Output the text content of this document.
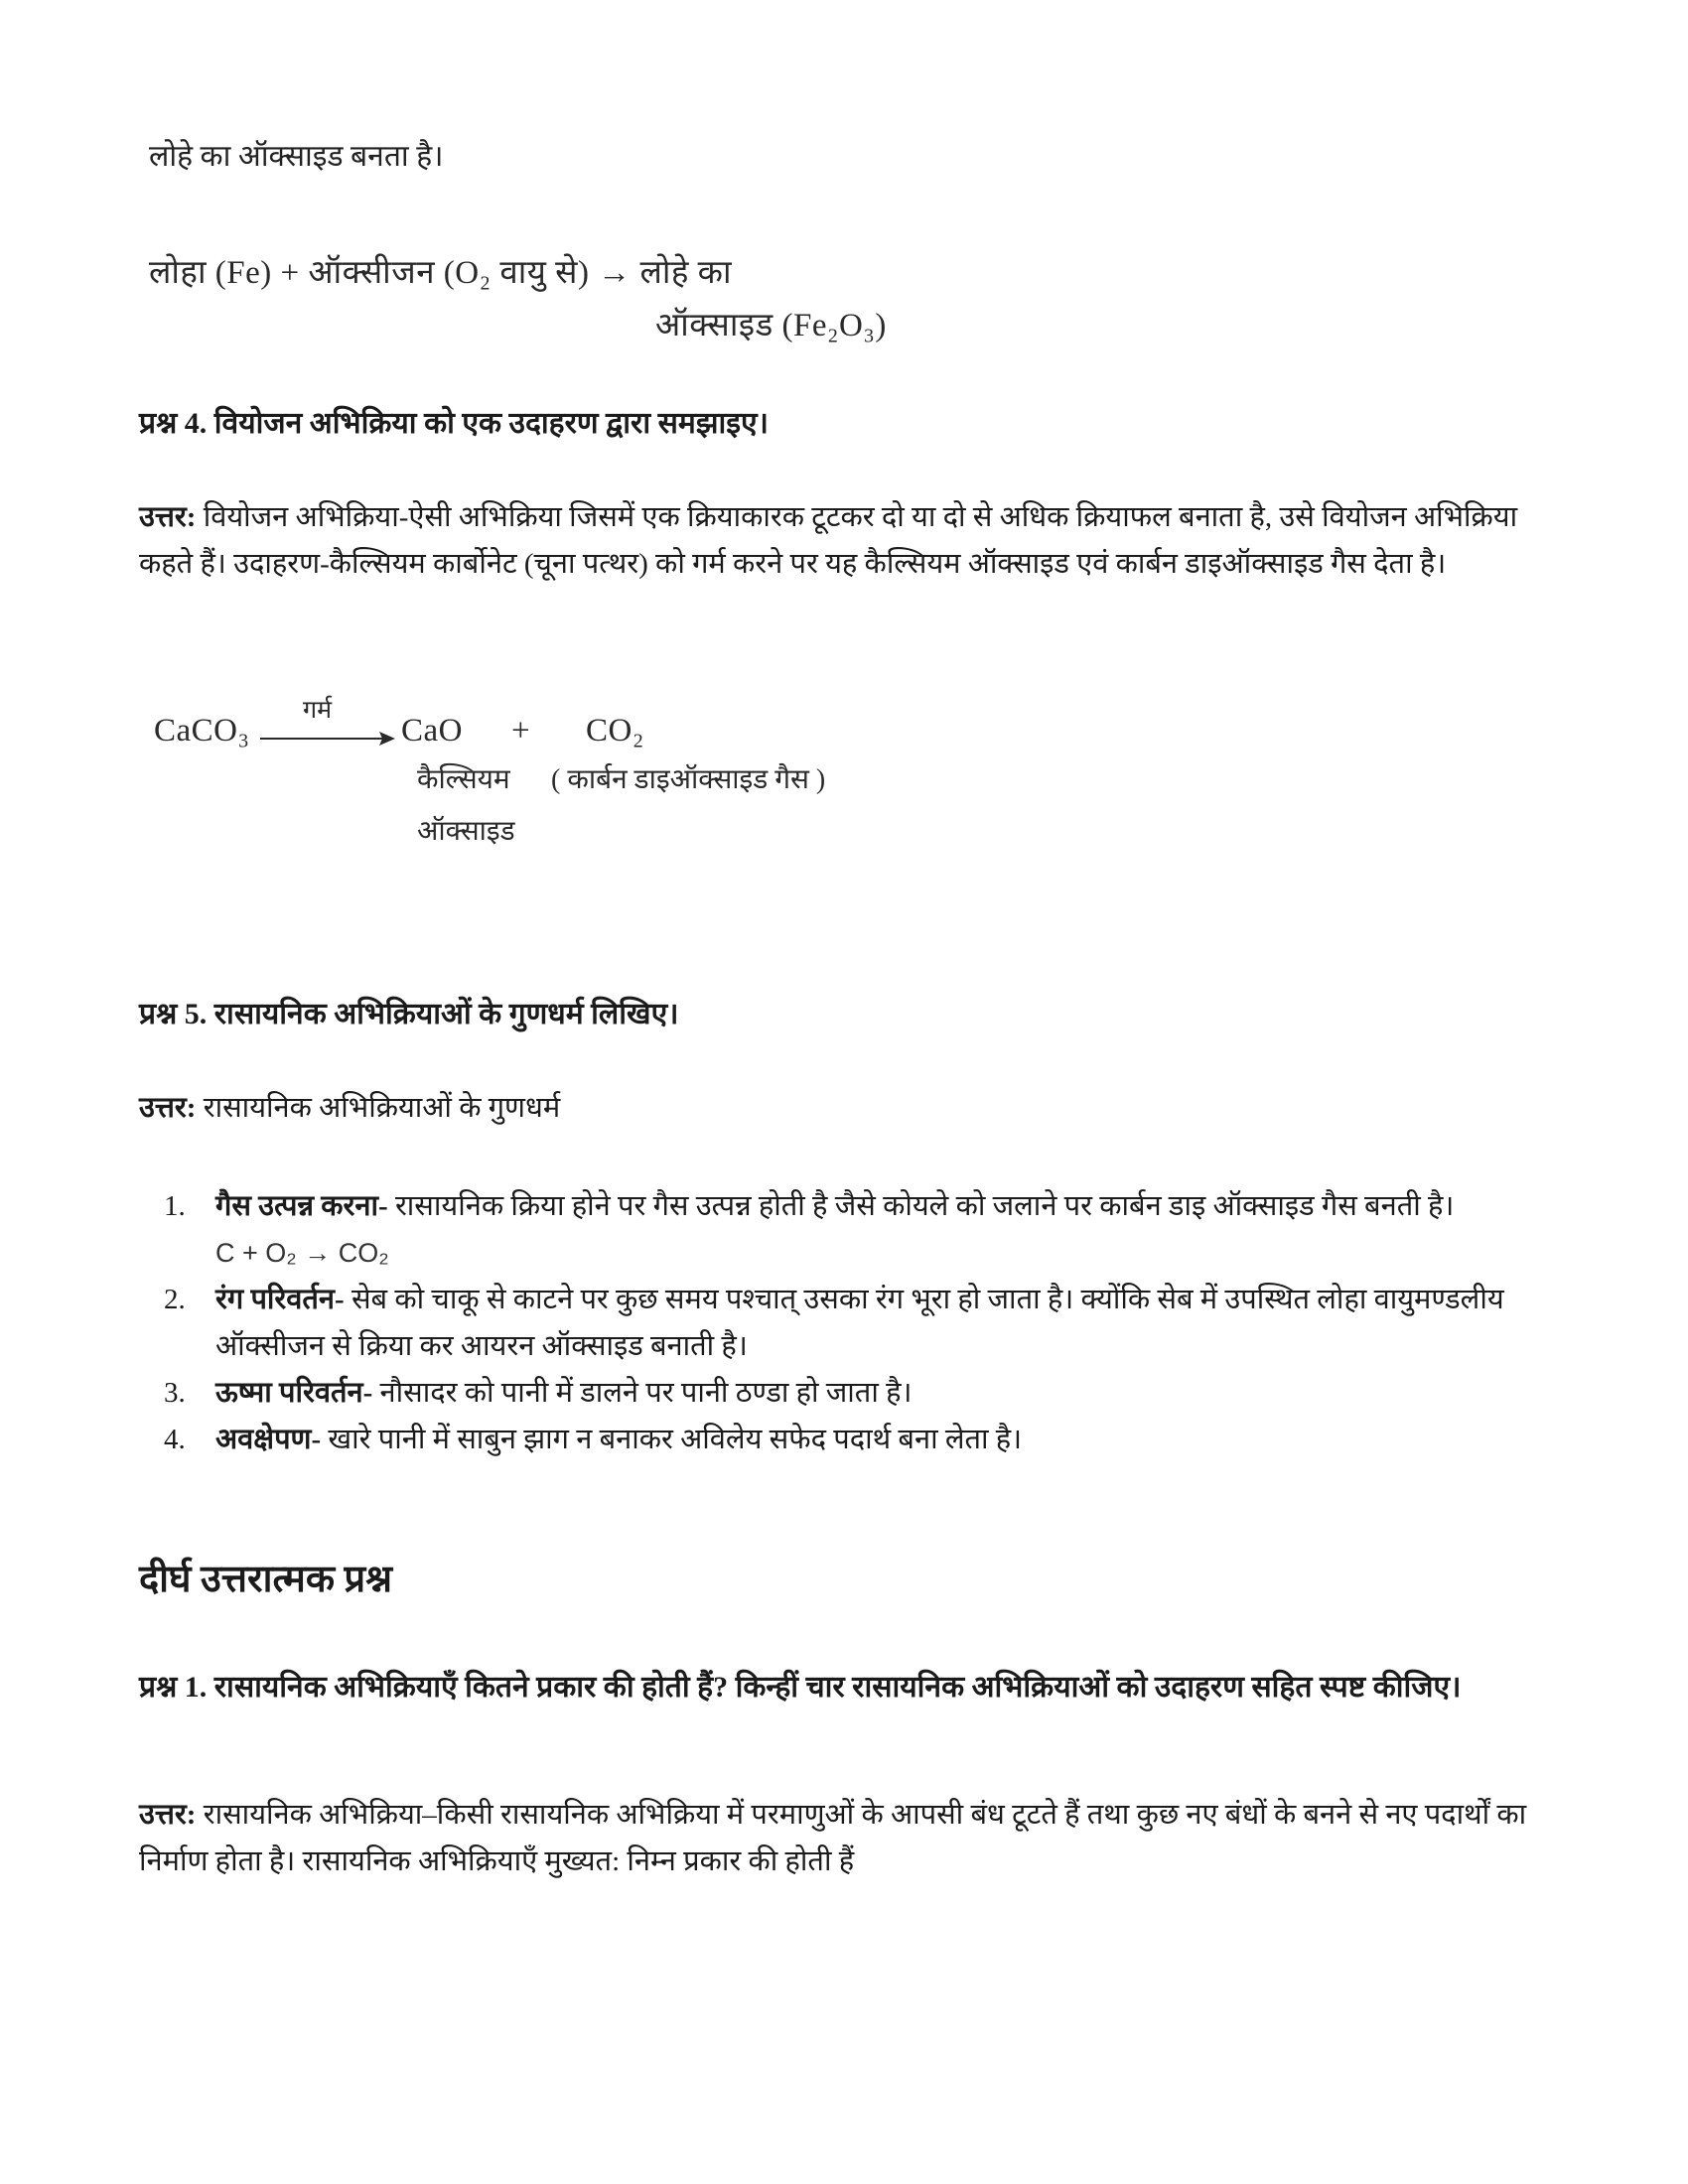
लोहे का ऑक्साइड बनता है।
लोहा (Fe) + ऑक्सीजन (O₂ वायु से) → लोहे का
ऑक्साइड (Fe₂O₃)
प्रश्न 4. वियोजन अभिक्रिया को एक उदाहरण द्वारा समझाइए।
उत्तर: वियोजन अभिक्रिया-ऐसी अभिक्रिया जिसमें एक क्रियाकारक टूटकर दो या दो से अधिक क्रियाफल बनाता है, उसे वियोजन अभिक्रिया कहते हैं। उदाहरण-कैल्सियम कार्बोनेट (चूना पत्थर) को गर्म करने पर यह कैल्सियम ऑक्साइड एवं कार्बन डाइऑक्साइड गैस देता है।
CaCO₃
गर्म
CaO
कैल्सियम
ऑक्साइड
+ CO₂
( कार्बन डाइऑक्साइड गैस )
प्रश्न 5. रासायनिक अभिक्रियाओं के गुणधर्म लिखिए।
उत्तर: रासायनिक अभिक्रियाओं के गुणधर्म
1.	गैस उत्पन्न करना- रासायनिक क्रिया होने पर गैस उत्पन्न होती है जैसे कोयले को जलाने पर कार्बन डाइ ऑक्साइड गैस बनती है।
C + O₂ → CO₂
2.	रंग परिवर्तन- सेब को चाकू से काटने पर कुछ समय पश्चात् उसका रंग भूरा हो जाता है। क्योंकि सेब में उपस्थित लोहा वायुमण्डलीय ऑक्सीजन से क्रिया कर आयरन ऑक्साइड बनाती है।
3.	ऊष्मा परिवर्तन- नौसादर को पानी में डालने पर पानी ठण्डा हो जाता है।
4.	अवक्षेपण- खारे पानी में साबुन झाग न बनाकर अविलेय सफेद पदार्थ बना लेता है।
दीर्घ उत्तरात्मक प्रश्न
प्रश्न 1. रासायनिक अभिक्रियाएँ कितने प्रकार की होती हैं? किन्हीं चार रासायनिक अभिक्रियाओं को उदाहरण सहित स्पष्ट कीजिए।
उत्तर: रासायनिक अभिक्रिया–किसी रासायनिक अभिक्रिया में परमाणुओं के आपसी बंध टूटते हैं तथा कुछ नए बंधों के बनने से नए पदार्थों का निर्माण होता है। रासायनिक अभिक्रियाएँ मुख्यत: निम्न प्रकार की होती हैं
